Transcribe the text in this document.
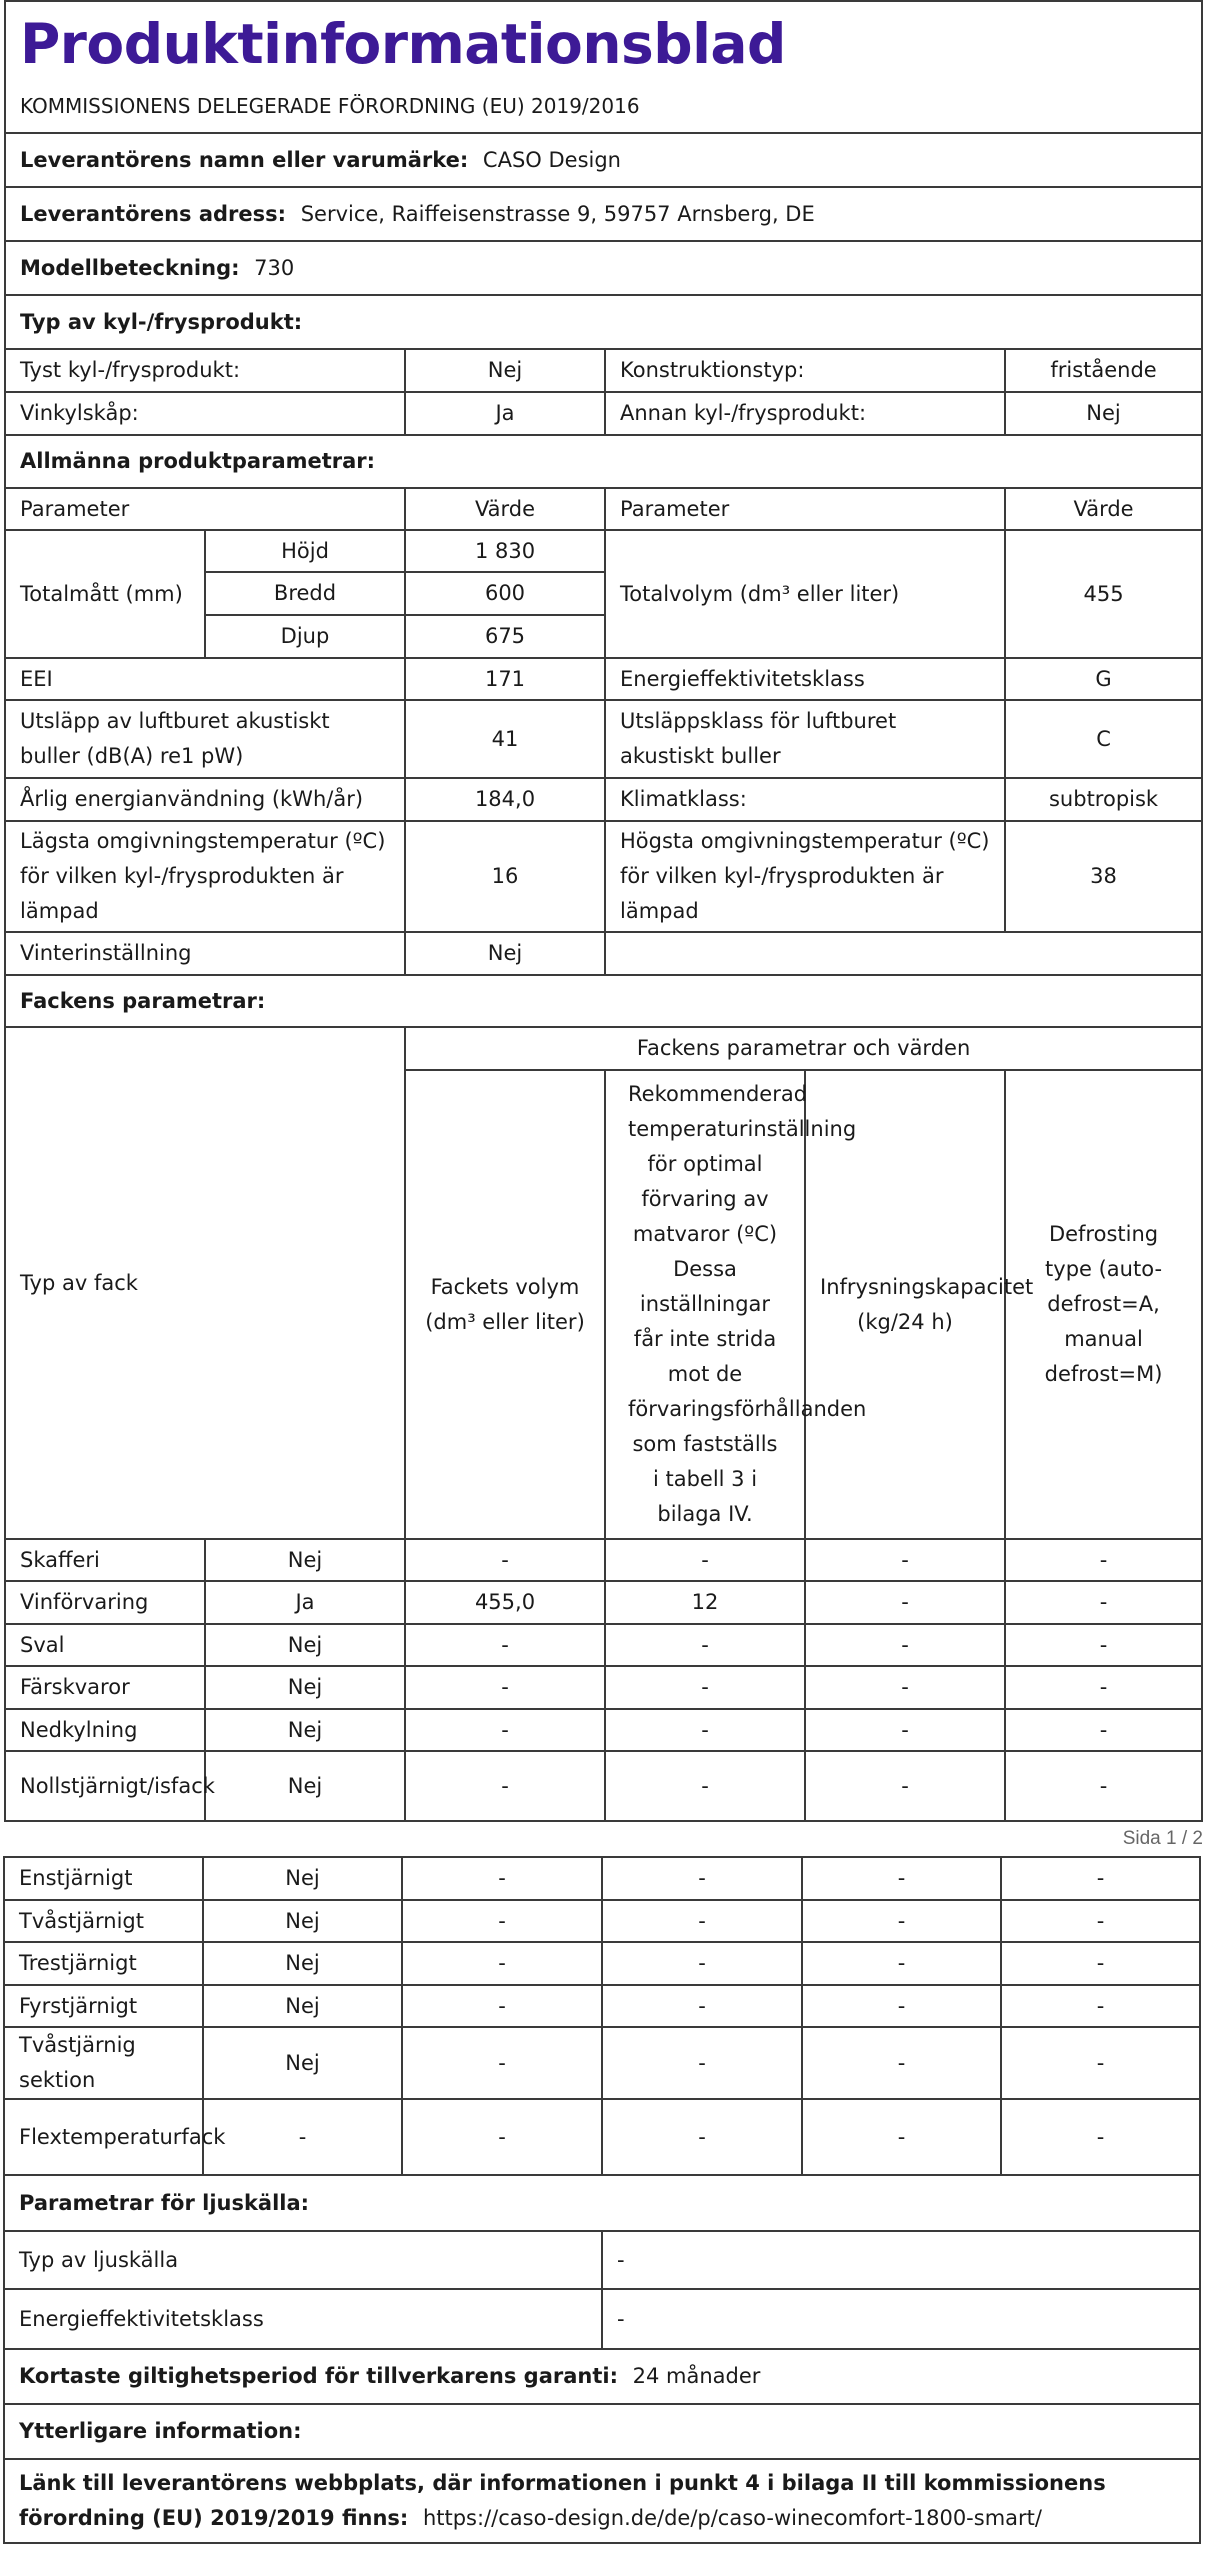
Produktinformationsblad					
KOMMISSIONENS DELEGERADE FÖRORDNING (EU) 2019/2016					
Leverantörens namn eller varumärke: CASO Design					
Leverantörens adress: Service, Raiffeisenstrasse 9, 59757 Arnsberg, DE					
Modellbeteckning: 730					
Typ av kyl-/frysprodukt:					
Tyst kyl-/frysprodukt:		Nej	Konstruktionstyp:		fristående
Vinkylskåp:		Ja	Annan kyl-/frysprodukt:		Nej
Allmänna produktparametrar:					
Parameter		Värde	Parameter		Värde
Totalmått (mm)	Höjd	1 830	Totalvolym (dm³ eller liter)		455
	Bredd	600			
	Djup	675			
EEI		171	Energieffektivitetsklass		G
Utsläpp av luftburet akustiskt buller (dB(A) re1 pW)		41	Utsläppsklass för luftburet akustiskt buller		C
Årlig energianvändning (kWh/år)		184,0	Klimatklass:		subtropisk
Lägsta omgivningstemperatur (ºC) för vilken kyl-/frysprodukten är lämpad		16	Högsta omgivningstemperatur (ºC) för vilken kyl-/frysprodukten är lämpad		38
Vinterinställning		Nej			
Fackens parametrar:					
Typ av fack		Fackens parametrar och värden			
		Fackets volym (dm³ eller liter)	Rekommenderad temperaturinställning för optimal förvaring av matvaror (ºC) Dessa inställningar får inte strida mot de förvaringsförhållanden som fastställs i tabell 3 i bilaga IV.	Infrysningskapacitet (kg/24 h)	Defrosting type (auto-defrost=A, manual defrost=M)
Skafferi	Nej	-	-	-	-
Vinförvaring	Ja	455,0	12	-	-
Sval	Nej	-	-	-	-
Färskvaror	Nej	-	-	-	-
Nedkylning	Nej	-	-	-	-
Nollstjärnigt/isfack	Nej	-	-	-	-
Sida 1 / 2
Enstjärnigt	Nej	-	-	-	-
Tvåstjärnigt	Nej	-	-	-	-
Trestjärnigt	Nej	-	-	-	-
Fyrstjärnigt	Nej	-	-	-	-
Tvåstjärnig sektion	Nej	-	-	-	-
Flextemperaturfack	-	-	-	-	-
Parametrar för ljuskälla:					
Typ av ljuskälla			-		
Energieffektivitetsklass			-		
Kortaste giltighetsperiod för tillverkarens garanti: 24 månader					
Ytterligare information:					
Länk till leverantörens webbplats, där informationen i punkt 4 i bilaga II till kommissionens förordning (EU) 2019/2019 finns: https://caso-design.de/de/p/caso-winecomfort-1800-smart/					
